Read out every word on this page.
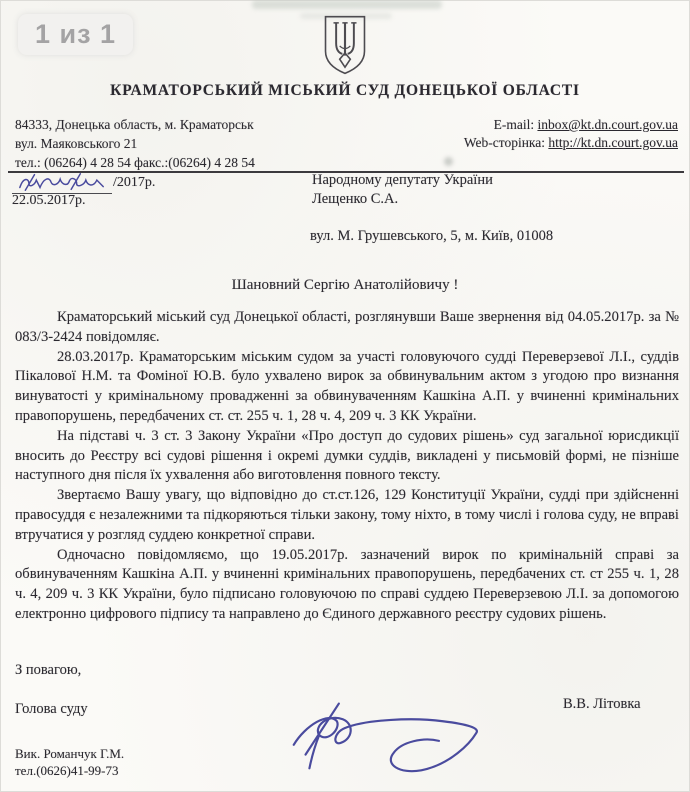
1 из 1
КРАМАТОРСЬКИЙ МІСЬКИЙ СУД ДОНЕЦЬКОЇ ОБЛАСТІ
84333, Донецька область, м. Краматорськ
вул. Маяковського 21
тел.: (06264) 4 28 54 факс.:(06264) 4 28 54
E-mail: inbox@kt.dn.court.gov.ua
Web-сторінка: http://kt.dn.court.gov.ua
/2017р.
22.05.2017р.
Народному депутату України
Лещенко С.А.
вул. М. Грушевського, 5, м. Київ, 01008
Шановний Сергію Анатолійовичу !

Краматорський міський суд Донецької області, розглянувши Ваше звернення від 04.05.2017р. за № 083/3-2424 повідомляє.

28.03.2017р. Краматорським міським судом за участі головуючого судді Переверзевої Л.І., суддів Пікалової Н.М. та Фоміної Ю.В. було ухвалено вирок за обвинувальним актом з угодою про визнання винуватості у кримінальному провадженні за обвинуваченням Кашкіна А.П. у вчиненні кримінальних правопорушень, передбачених ст. ст. 255 ч. 1, 28 ч. 4, 209 ч. 3 КК України.

На підставі ч. 3 ст. 3 Закону України «Про доступ до судових рішень» суд загальної юрисдикції вносить до Реєстру всі судові рішення і окремі думки суддів, викладені у письмовій формі, не пізніше наступного дня після їх ухвалення або виготовлення повного тексту.

Звертаємо Вашу увагу, що відповідно до ст.ст.126, 129 Конституції України, судді при здійсненні правосуддя є незалежними та підкоряються тільки закону, тому ніхто, в тому числі і голова суду, не вправі втручатися у розгляд суддею конкретної справи.

Одночасно повідомляємо, що 19.05.2017р. зазначений вирок по кримінальній справі за обвинуваченням Кашкіна А.П. у вчиненні кримінальних правопорушень, передбачених ст. ст 255 ч. 1, 28 ч. 4, 209 ч. 3 КК України, було підписано головуючою по справі суддею Переверзевою Л.І. за допомогою електронно цифрового підпису та направлено до Єдиного державного реєстру судових рішень.

З повагою,
Голова суду	В.В. Літовка
Вик. Романчук Г.М.
тел.(0626)41-99-73
